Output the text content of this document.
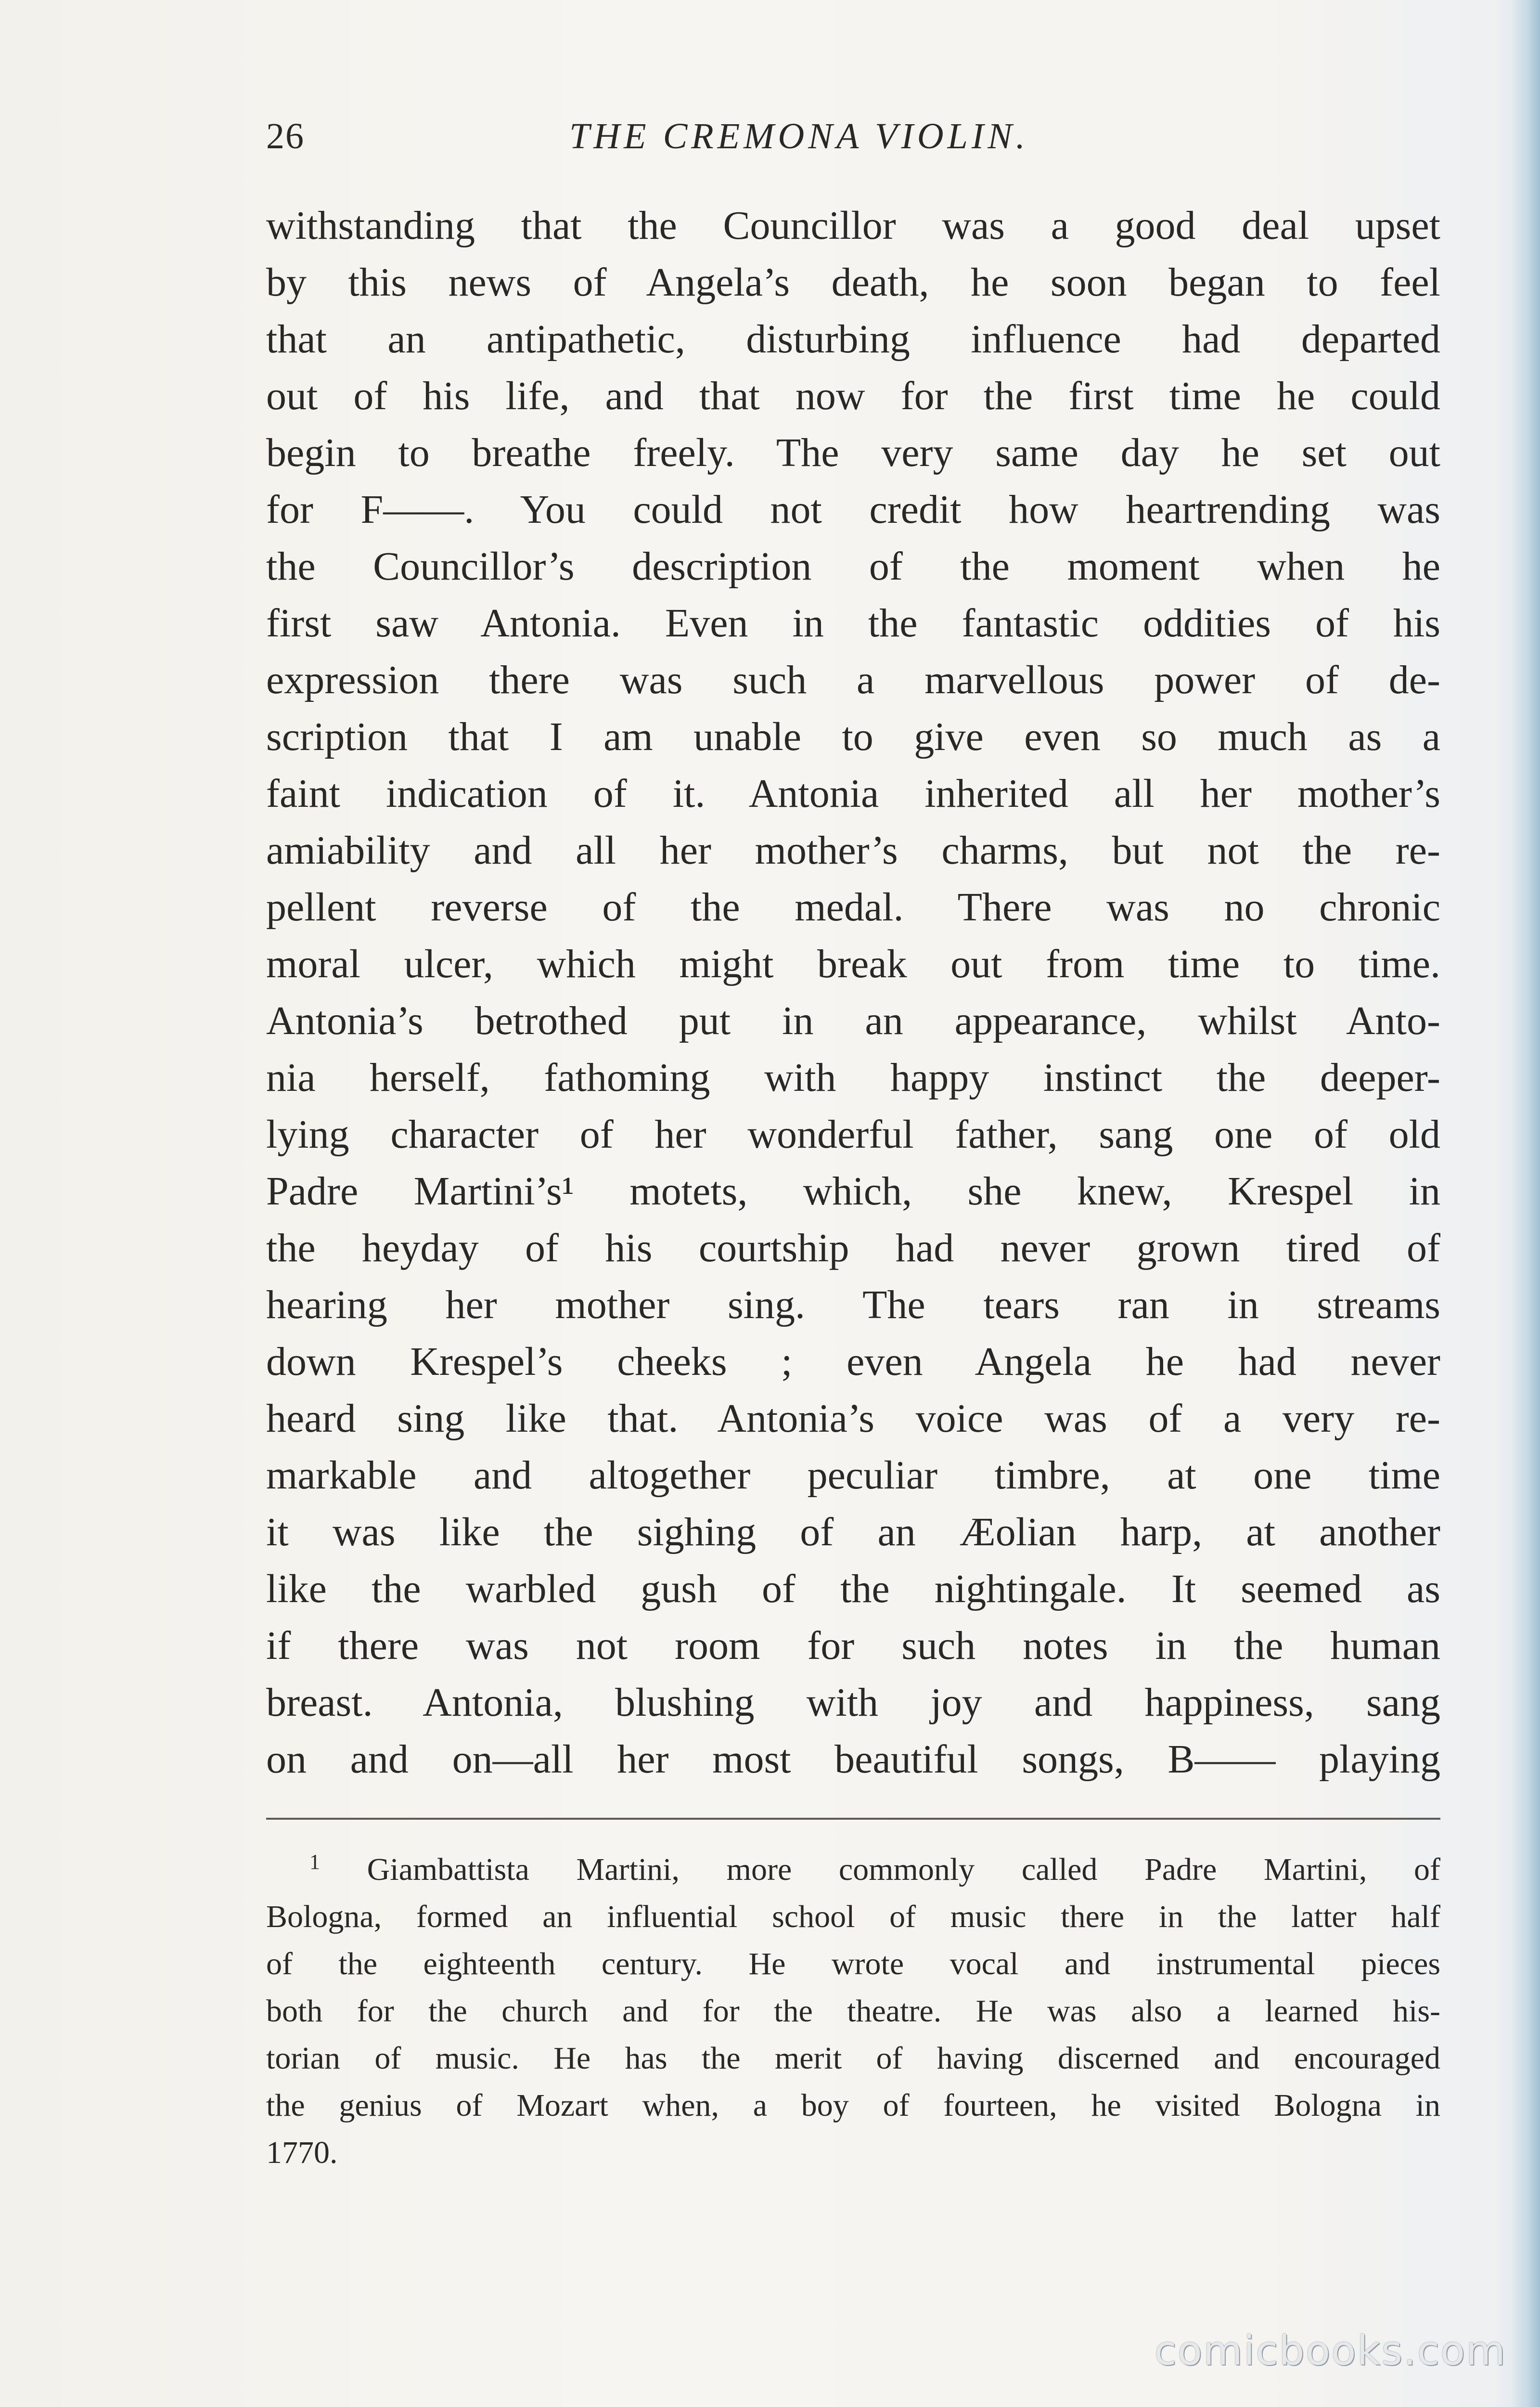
26	THE CREMONA VIOLIN.
withstanding that the Councillor was a good deal upset
by this news of Angela’s death, he soon began to feel
that an antipathetic, disturbing influence had departed
out of his life, and that now for the first time he could
begin to breathe freely. The very same day he set out
for F——. You could not credit how heartrending was
the Councillor’s description of the moment when he
first saw Antonia. Even in the fantastic oddities of his
expression there was such a marvellous power of de-
scription that I am unable to give even so much as a
faint indication of it. Antonia inherited all her mother’s
amiability and all her mother’s charms, but not the re-
pellent reverse of the medal. There was no chronic
moral ulcer, which might break out from time to time.
Antonia’s betrothed put in an appearance, whilst Anto-
nia herself, fathoming with happy instinct the deeper-
lying character of her wonderful father, sang one of old
Padre Martini’s¹ motets, which, she knew, Krespel in
the heyday of his courtship had never grown tired of
hearing her mother sing. The tears ran in streams
down Krespel’s cheeks ; even Angela he had never
heard sing like that. Antonia’s voice was of a very re-
markable and altogether peculiar timbre, at one time
it was like the sighing of an Æolian harp, at another
like the warbled gush of the nightingale. It seemed as
if there was not room for such notes in the human
breast. Antonia, blushing with joy and happiness, sang
on and on—all her most beautiful songs, B—— playing
$^1$ Giambattista Martini, more commonly called Padre Martini, of
Bologna, formed an influential school of music there in the latter half
of the eighteenth century. He wrote vocal and instrumental pieces
both for the church and for the theatre. He was also a learned his-
torian of music. He has the merit of having discerned and encouraged
the genius of Mozart when, a boy of fourteen, he visited Bologna in
1770.
comicbooks.com
